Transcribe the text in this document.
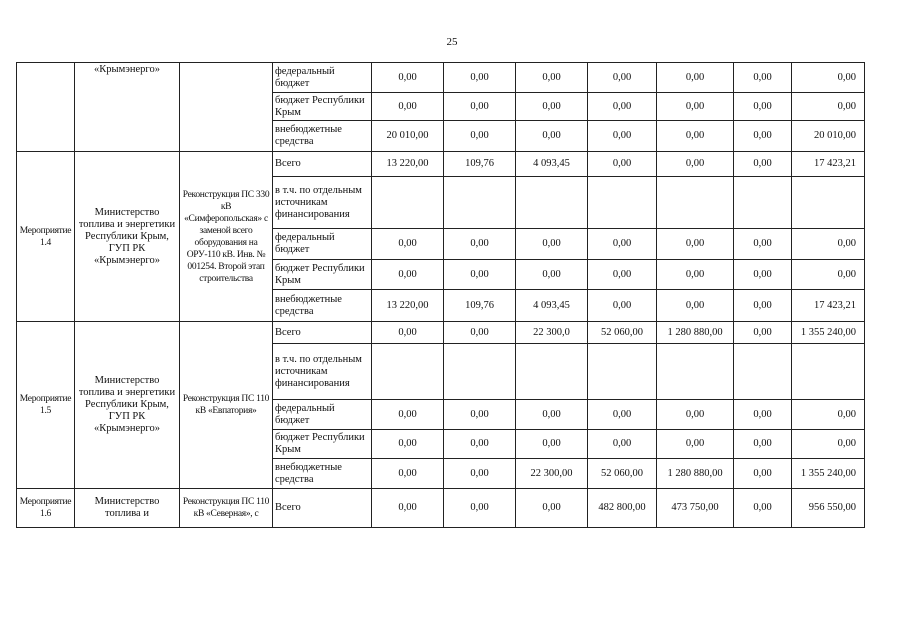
25
	«Крымэнерго»		федеральный бюджет	0,00	0,00	0,00	0,00	0,00	0,00	0,00
			бюджет Республики Крым	0,00	0,00	0,00	0,00	0,00	0,00	0,00
			внебюджетные средства	20 010,00	0,00	0,00	0,00	0,00	0,00	20 010,00
Мероприятие 1.4	Министерство топлива и энергетики Республики Крым, ГУП РК «Крымэнерго»	Реконструкция ПС 330 кВ «Симферопольская» с заменой всего оборудования на ОРУ-110 кВ. Инв. № 001254. Второй этап строительства	Всего	13 220,00	109,76	4 093,45	0,00	0,00	0,00	17 423,21
			в т.ч. по отдельным источникам финансирования							
			федеральный бюджет	0,00	0,00	0,00	0,00	0,00	0,00	0,00
			бюджет Республики Крым	0,00	0,00	0,00	0,00	0,00	0,00	0,00
			внебюджетные средства	13 220,00	109,76	4 093,45	0,00	0,00	0,00	17 423,21
Мероприятие 1.5	Министерство топлива и энергетики Республики Крым, ГУП РК «Крымэнерго»	Реконструкция ПС 110 кВ «Евпатория»	Всего	0,00	0,00	22 300,0	52 060,00	1 280 880,00	0,00	1 355 240,00
			в т.ч. по отдельным источникам финансирования							
			федеральный бюджет	0,00	0,00	0,00	0,00	0,00	0,00	0,00
			бюджет Республики Крым	0,00	0,00	0,00	0,00	0,00	0,00	0,00
			внебюджетные средства	0,00	0,00	22 300,00	52 060,00	1 280 880,00	0,00	1 355 240,00
Мероприятие 1.6	Министерство топлива и	Реконструкция ПС 110 кВ «Северная», с	Всего	0,00	0,00	0,00	482 800,00	473 750,00	0,00	956 550,00
